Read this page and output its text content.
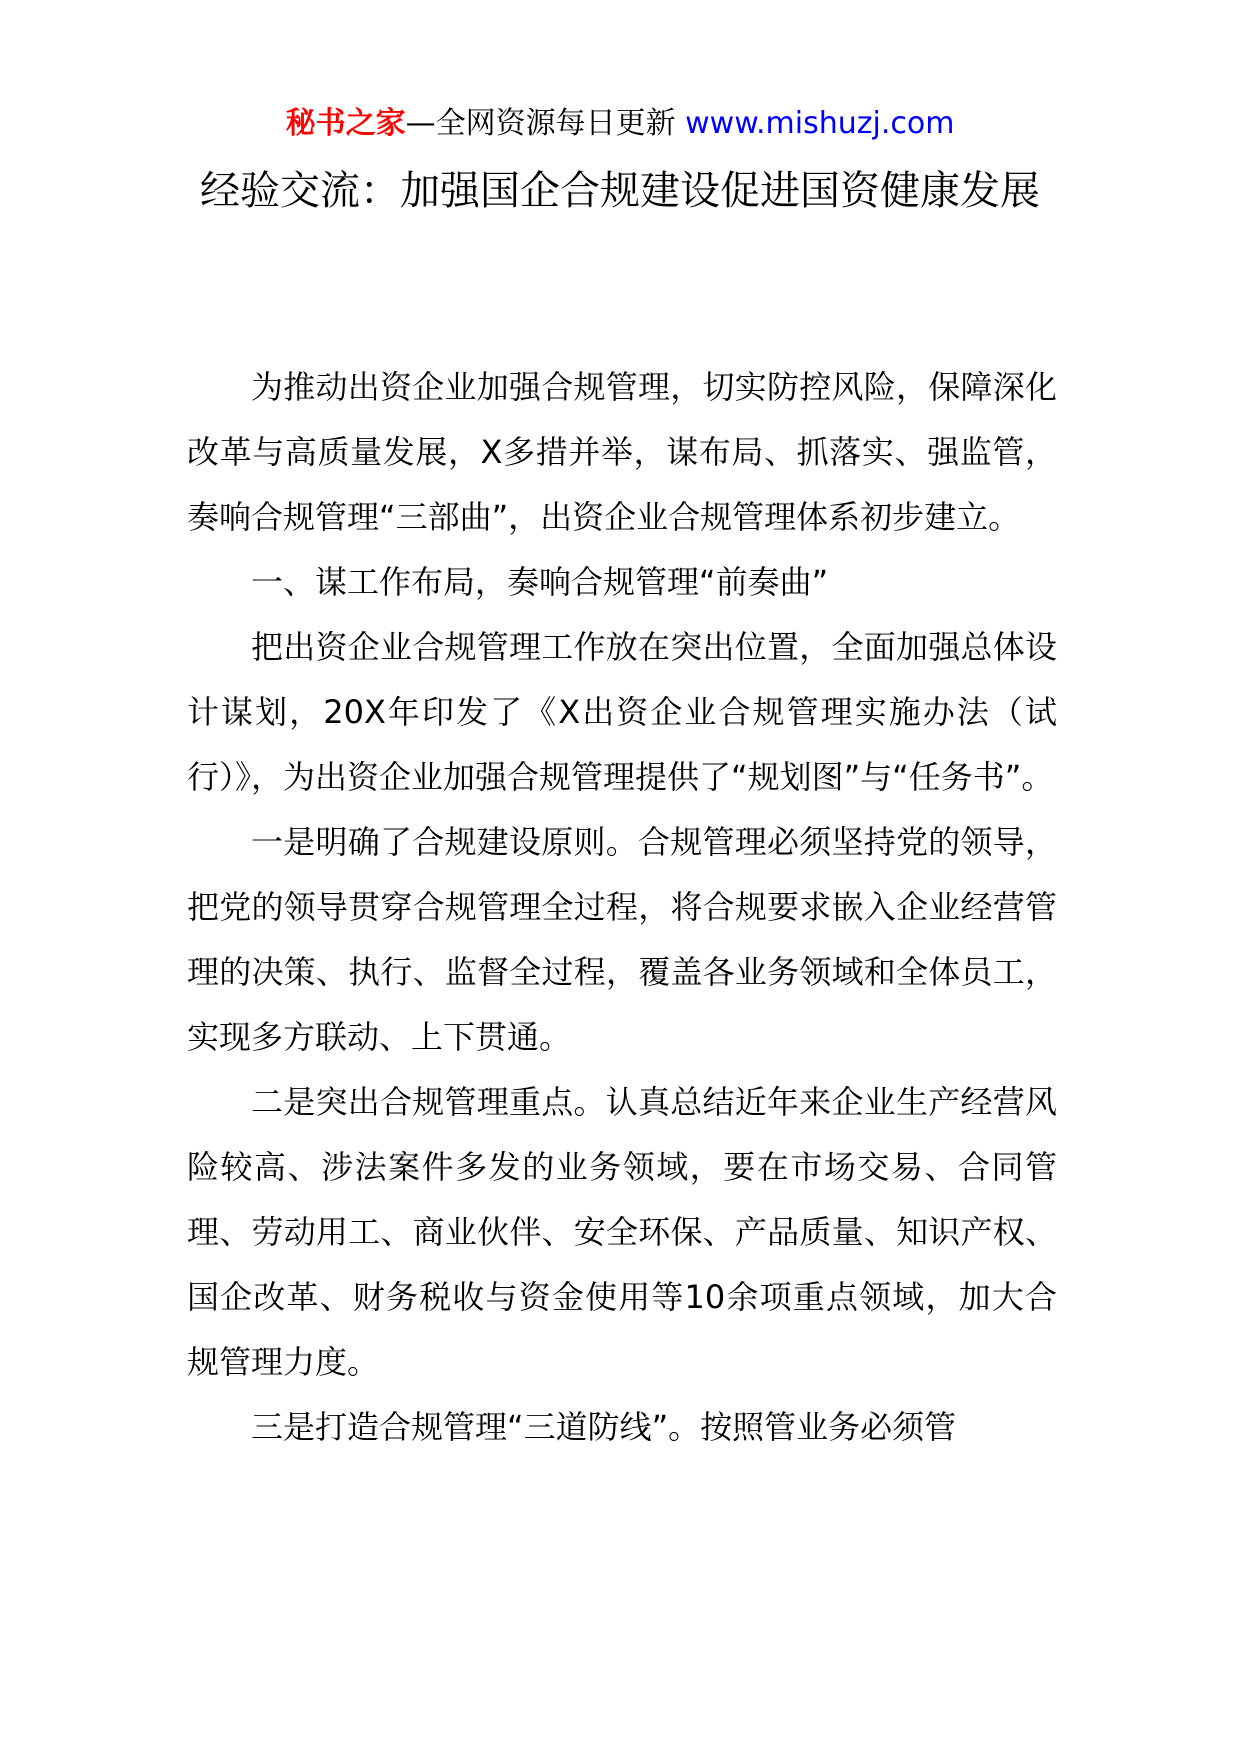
秘书之家—全网资源每日更新 www.mishuzj.com
经验交流：加强国企合规建设促进国资健康发展

为推动出资企业加强合规管理，切实防控风险，保障深化改革与高质量发展，X多措并举，谋布局、抓落实、强监管，奏响合规管理“三部曲”，出资企业合规管理体系初步建立。

一、谋工作布局，奏响合规管理“前奏曲”

把出资企业合规管理工作放在突出位置，全面加强总体设计谋划，20X年印发了《X出资企业合规管理实施办法（试行）》，为出资企业加强合规管理提供了“规划图”与“任务书”。

一是明确了合规建设原则。合规管理必须坚持党的领导，把党的领导贯穿合规管理全过程，将合规要求嵌入企业经营管理的决策、执行、监督全过程，覆盖各业务领域和全体员工，实现多方联动、上下贯通。

二是突出合规管理重点。认真总结近年来企业生产经营风险较高、涉法案件多发的业务领域，要在市场交易、合同管理、劳动用工、商业伙伴、安全环保、产品质量、知识产权、国企改革、财务税收与资金使用等10余项重点领域，加大合规管理力度。

三是打造合规管理“三道防线”。按照管业务必须管
